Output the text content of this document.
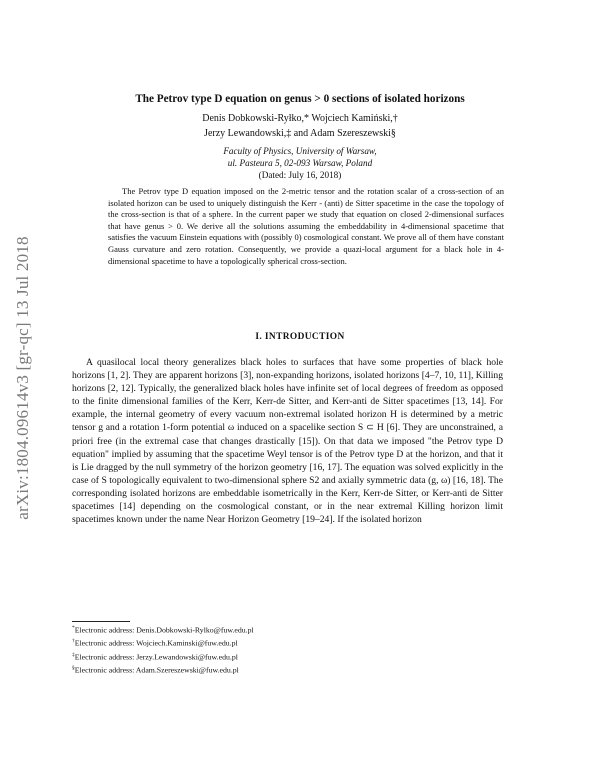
arXiv:1804.09614v3 [gr-qc] 13 Jul 2018
The Petrov type D equation on genus > 0 sections of isolated horizons
Denis Dobkowski-Ryłko,* Wojciech Kamiński,†
Jerzy Lewandowski,‡ and Adam Szereszewski§
Faculty of Physics, University of Warsaw,
ul. Pasteura 5, 02-093 Warsaw, Poland
(Dated: July 16, 2018)
The Petrov type D equation imposed on the 2-metric tensor and the rotation scalar of a cross-section of an isolated horizon can be used to uniquely distinguish the Kerr - (anti) de Sitter spacetime in the case the topology of the cross-section is that of a sphere. In the current paper we study that equation on closed 2-dimensional surfaces that have genus > 0. We derive all the solutions assuming the embeddability in 4-dimensional spacetime that satisfies the vacuum Einstein equations with (possibly 0) cosmological constant. We prove all of them have constant Gauss curvature and zero rotation. Consequently, we provide a quazi-local argument for a black hole in 4-dimensional spacetime to have a topologically spherical cross-section.
I. INTRODUCTION

A quasilocal local theory generalizes black holes to surfaces that have some properties of black hole horizons [1, 2]. They are apparent horizons [3], non-expanding horizons, isolated horizons [4–7, 10, 11], Killing horizons [2, 12]. Typically, the generalized black holes have infinite set of local degrees of freedom as opposed to the finite dimensional families of the Kerr, Kerr-de Sitter, and Kerr-anti de Sitter spacetimes [13, 14]. For example, the internal geometry of every vacuum non-extremal isolated horizon H is determined by a metric tensor g and a rotation 1-form potential ω induced on a spacelike section S ⊂ H [6]. They are unconstrained, a priori free (in the extremal case that changes drastically [15]). On that data we imposed "the Petrov type D equation" implied by assuming that the spacetime Weyl tensor is of the Petrov type D at the horizon, and that it is Lie dragged by the null symmetry of the horizon geometry [16, 17]. The equation was solved explicitly in the case of S topologically equivalent to two-dimensional sphere S2 and axially symmetric data (g, ω) [16, 18]. The corresponding isolated horizons are embeddable isometrically in the Kerr, Kerr-de Sitter, or Kerr-anti de Sitter spacetimes [14] depending on the cosmological constant, or in the near extremal Killing horizon limit spacetimes known under the name Near Horizon Geometry [19–24]. If the isolated horizon

*Electronic address: Denis.Dobkowski-Rylko@fuw.edu.pl
†Electronic address: Wojciech.Kaminski@fuw.edu.pl
‡Electronic address: Jerzy.Lewandowski@fuw.edu.pl
§Electronic address: Adam.Szereszewski@fuw.edu.pl
